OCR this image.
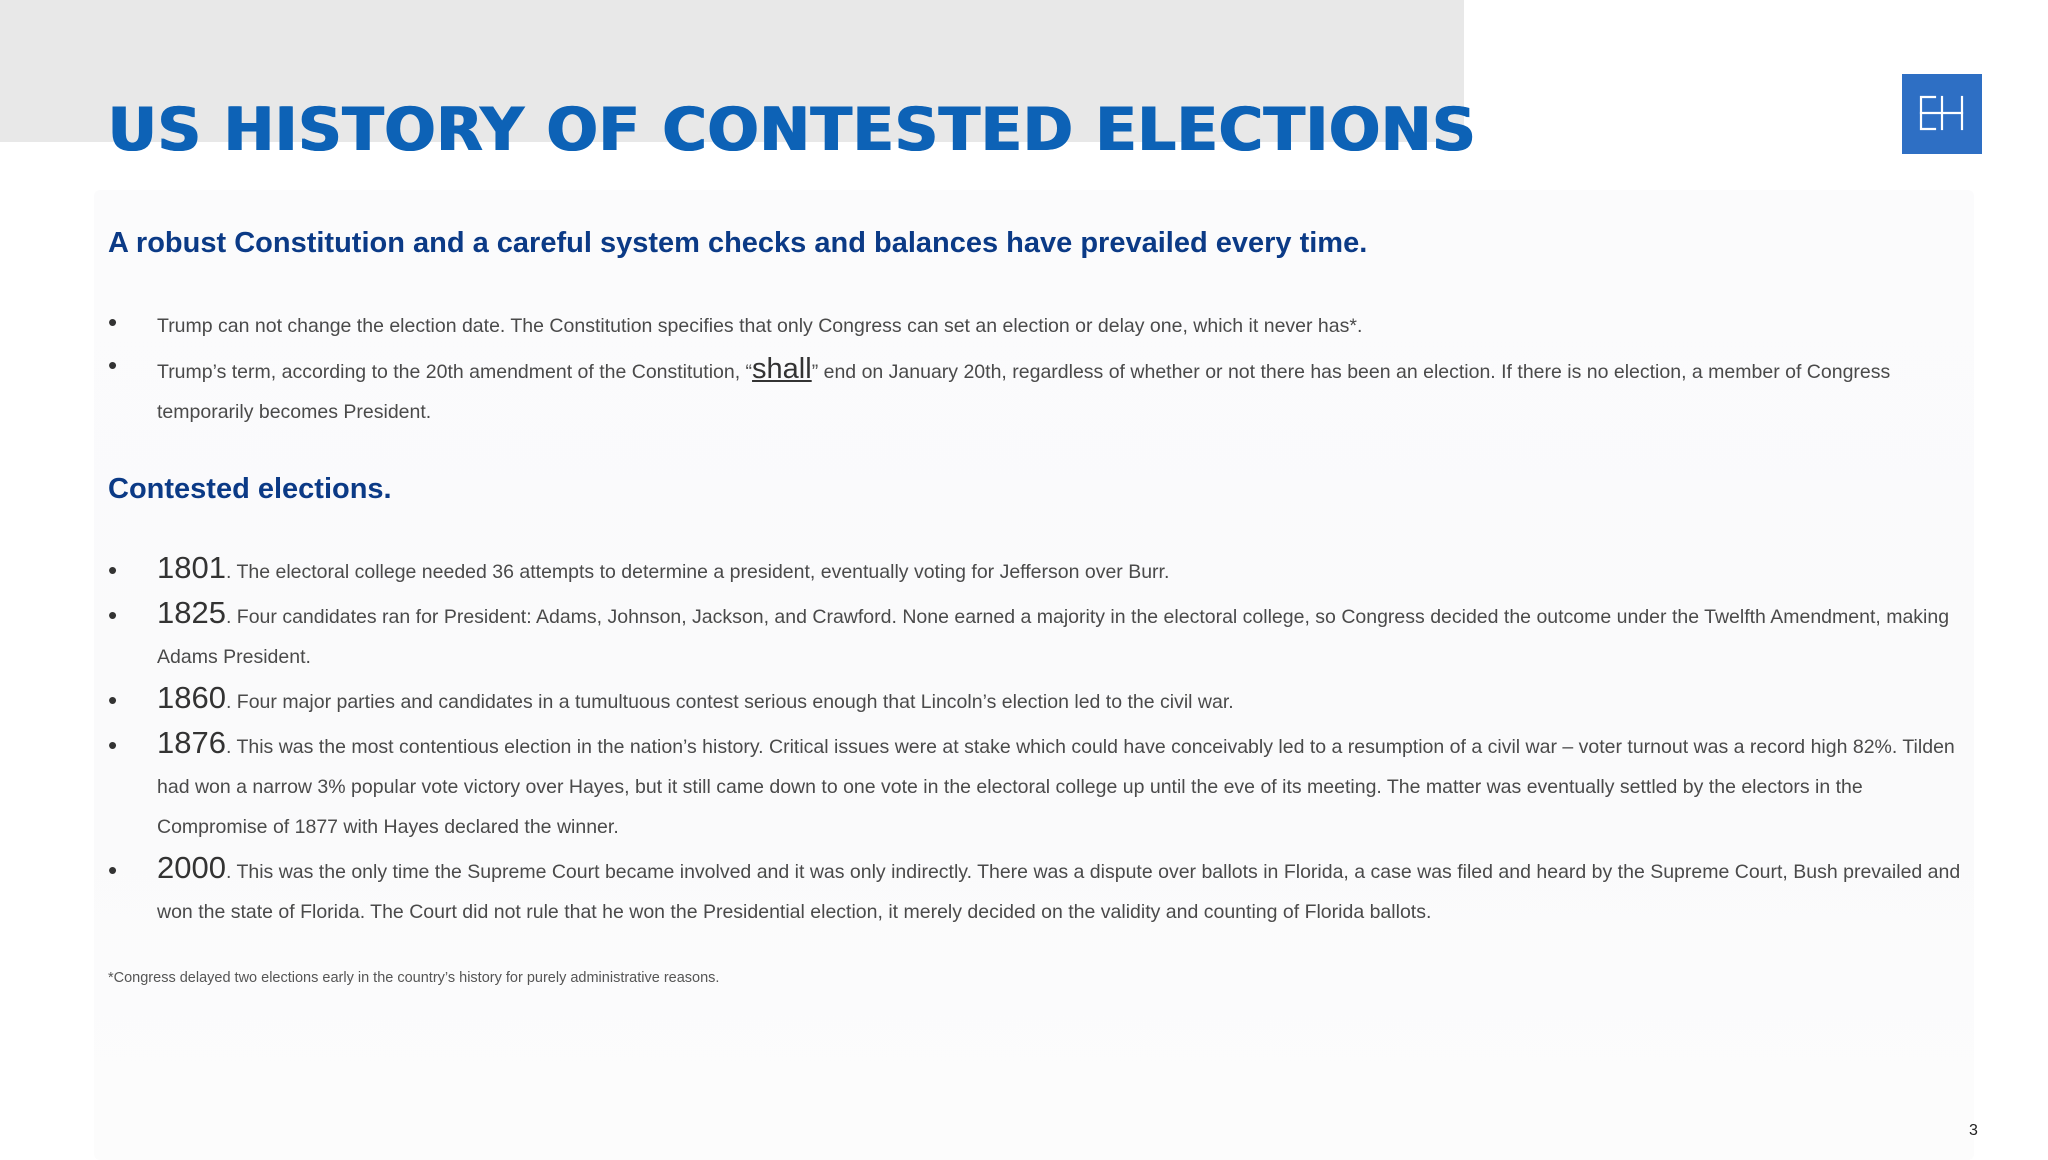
US HISTORY OF CONTESTED ELECTIONS
A robust Constitution and a careful system checks and balances have prevailed every time.
• Trump can not change the election date. The Constitution specifies that only Congress can set an election or delay one, which it never has*.
• Trump’s term, according to the 20th amendment of the Constitution, “shall” end on January 20th, regardless of whether or not there has been an election. If there is no election, a member of Congress temporarily becomes President.
Contested elections.
• 1801. The electoral college needed 36 attempts to determine a president, eventually voting for Jefferson over Burr.
• 1825. Four candidates ran for President: Adams, Johnson, Jackson, and Crawford. None earned a majority in the electoral college, so Congress decided the outcome under the Twelfth Amendment, making Adams President.
• 1860. Four major parties and candidates in a tumultuous contest serious enough that Lincoln’s election led to the civil war.
• 1876. This was the most contentious election in the nation’s history. Critical issues were at stake which could have conceivably led to a resumption of a civil war – voter turnout was a record high 82%. Tilden had won a narrow 3% popular vote victory over Hayes, but it still came down to one vote in the electoral college up until the eve of its meeting. The matter was eventually settled by the electors in the Compromise of 1877 with Hayes declared the winner.
• 2000. This was the only time the Supreme Court became involved and it was only indirectly. There was a dispute over ballots in Florida, a case was filed and heard by the Supreme Court, Bush prevailed and won the state of Florida. The Court did not rule that he won the Presidential election, it merely decided on the validity and counting of Florida ballots.

*Congress delayed two elections early in the country’s history for purely administrative reasons.

3
